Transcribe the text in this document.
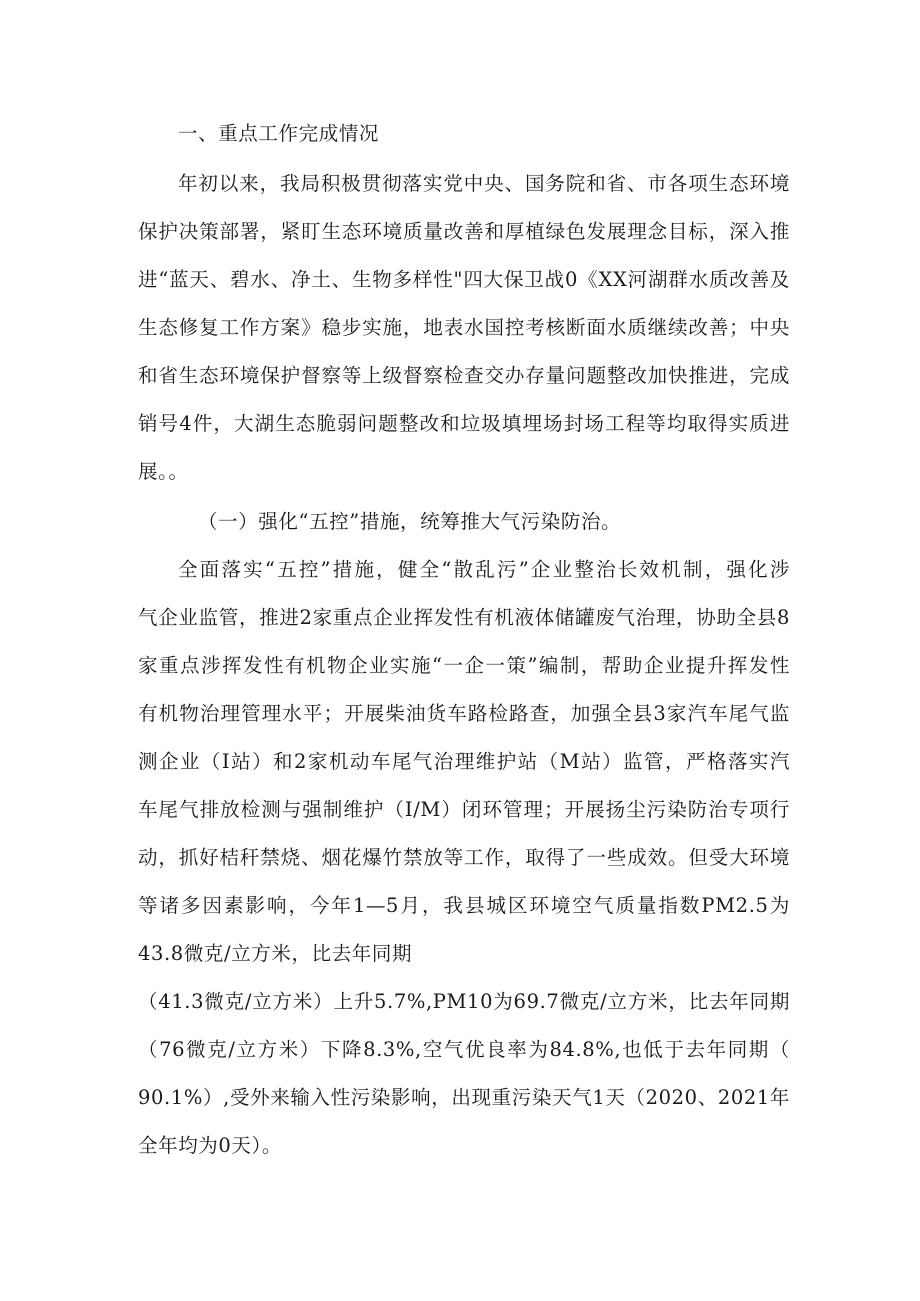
一、重点工作完成情况
年初以来，我局积极贯彻落实党中央、国务院和省、市各项生态环境
保护决策部署，紧盯生态环境质量改善和厚植绿色发展理念目标，深入推
进“蓝天、碧水、净土、生物多样性"四大保卫战0《XX河湖群水质改善及
生态修复工作方案》稳步实施，地表水国控考核断面水质继续改善；中央
和省生态环境保护督察等上级督察检查交办存量问题整改加快推进，完成
销号4件，大湖生态脆弱问题整改和垃圾填埋场封场工程等均取得实质进
展。。
（一）强化“五控”措施，统筹推大气污染防治。
全面落实“五控”措施，健全“散乱污”企业整治长效机制，强化涉
气企业监管，推进2家重点企业挥发性有机液体储罐废气治理，协助全县8
家重点涉挥发性有机物企业实施“一企一策”编制，帮助企业提升挥发性
有机物治理管理水平；开展柴油货车路检路查，加强全县3家汽车尾气监
测企业（I站）和2家机动车尾气治理维护站（M站）监管，严格落实汽
车尾气排放检测与强制维护（I/M）闭环管理；开展扬尘污染防治专项行
动，抓好桔秆禁烧、烟花爆竹禁放等工作，取得了一些成效。但受大环境
等诸多因素影响，今年1—5月，我县城区环境空气质量指数PM2.5为
43.8微克/立方米，比去年同期
（41.3微克/立方米）上升5.7%,PM10为69.7微克/立方米，比去年同期
（76微克/立方米）下降8.3%,空气优良率为84.8%,也低于去年同期（
90.1%）,受外来输入性污染影响，出现重污染天气1天（2020、2021年
全年均为0天）。
